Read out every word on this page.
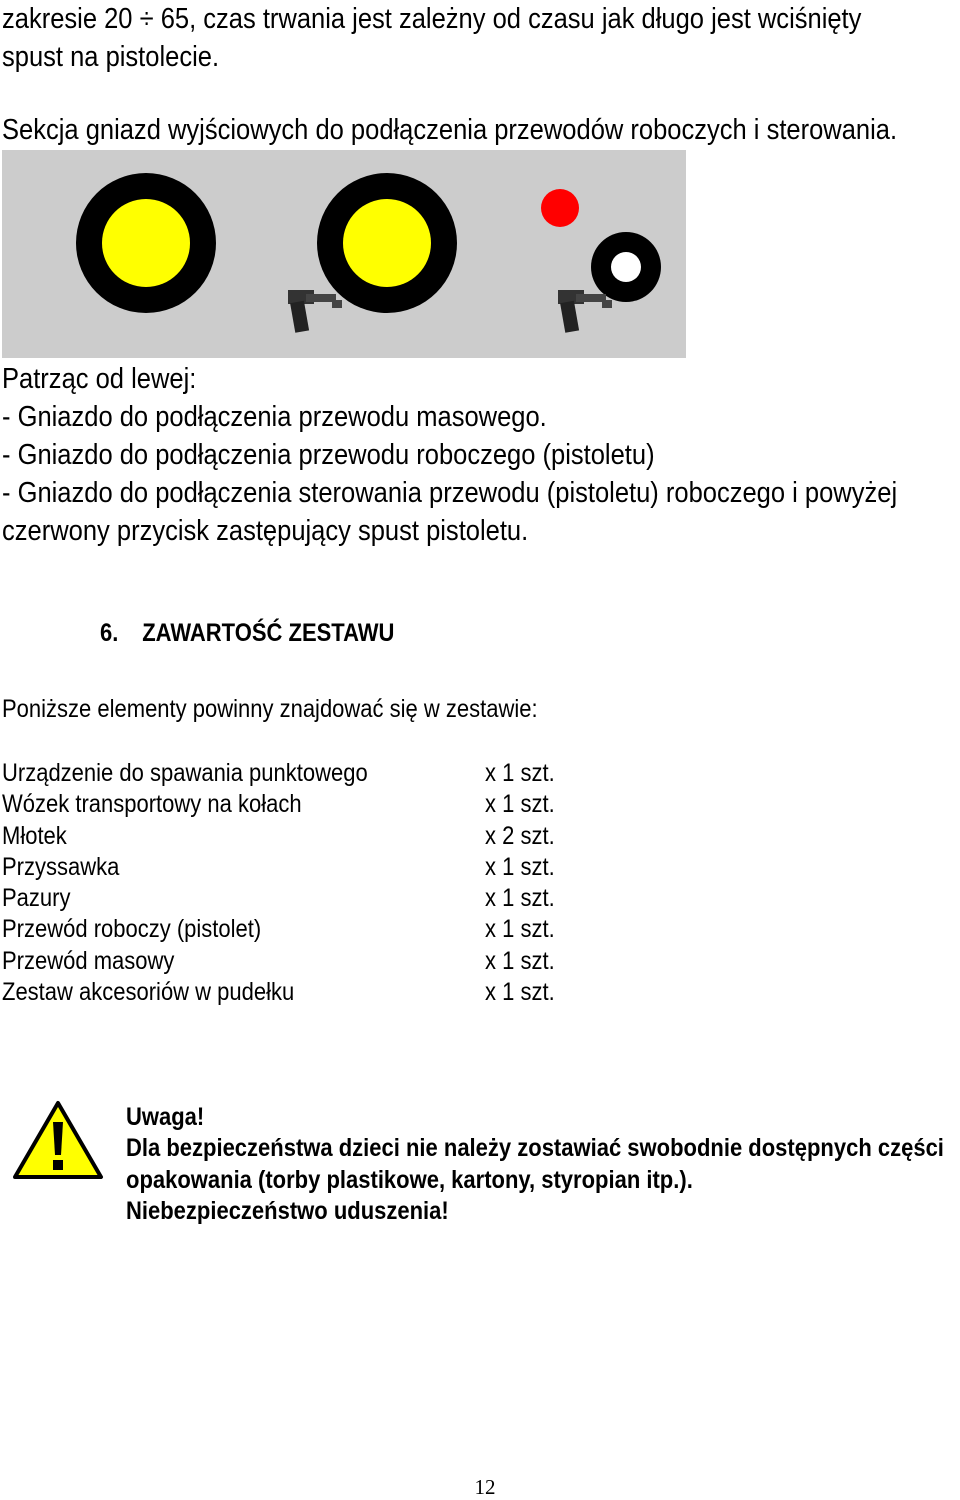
zakresie 20 ÷ 65, czas trwania jest zależny od czasu jak długo jest wciśnięty
spust na pistolecie.
Sekcja gniazd wyjściowych do podłączenia przewodów roboczych i sterowania.
Patrząc od lewej:
- Gniazdo do podłączenia przewodu masowego.
- Gniazdo do podłączenia przewodu roboczego (pistoletu)
- Gniazdo do podłączenia sterowania przewodu (pistoletu) roboczego i powyżej
czerwony przycisk zastępujący spust pistoletu.
6. ZAWARTOŚĆ ZESTAWU
Poniższe elementy powinny znajdować się w zestawie:
Urządzenie do spawania punktowego	x 1 szt.
Wózek transportowy na kołach	x 1 szt.
Młotek	x 2 szt.
Przyssawka	x 1 szt.
Pazury	x 1 szt.
Przewód roboczy (pistolet)	x 1 szt.
Przewód masowy	x 1 szt.
Zestaw akcesoriów w pudełku	x 1 szt.
Uwaga!
Dla bezpieczeństwa dzieci nie należy zostawiać swobodnie dostępnych części
opakowania (torby plastikowe, kartony, styropian itp.).
Niebezpieczeństwo uduszenia!
12
